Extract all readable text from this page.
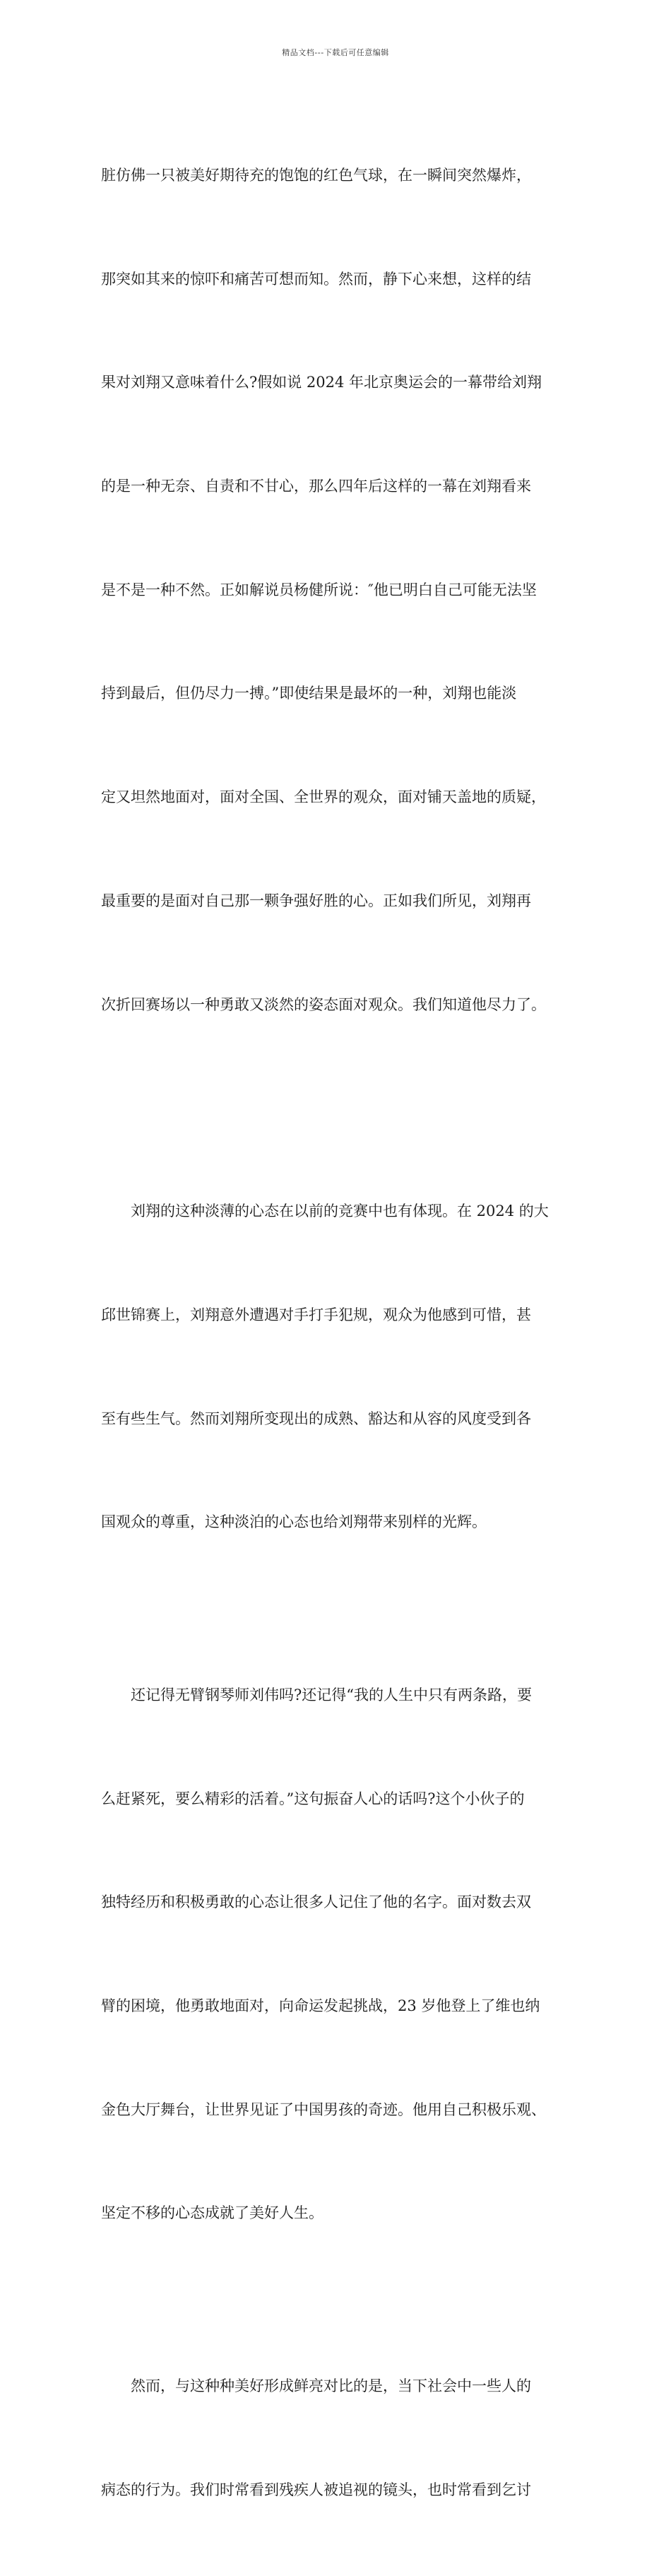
精品文档---下载后可任意编辑

脏仿佛一只被美好期待充的饱饱的红色气球，在一瞬间突然爆炸，

那突如其来的惊吓和痛苦可想而知。然而，静下心来想，这样的结

果对刘翔又意味着什么?假如说 2024 年北京奥运会的一幕带给刘翔

的是一种无奈、自责和不甘心，那么四年后这样的一幕在刘翔看来

是不是一种不然。正如解说员杨健所说：″他已明白自己可能无法坚

持到最后，但仍尽力一搏。”即使结果是最坏的一种，刘翔也能淡

定又坦然地面对，面对全国、全世界的观众，面对铺天盖地的质疑，

最重要的是面对自己那一颗争强好胜的心。正如我们所见，刘翔再

次折回赛场以一种勇敢又淡然的姿态面对观众。我们知道他尽力了。

　　刘翔的这种淡薄的心态在以前的竞赛中也有体现。在 2024 的大

邱世锦赛上，刘翔意外遭遇对手打手犯规，观众为他感到可惜，甚

至有些生气。然而刘翔所变现出的成熟、豁达和从容的风度受到各

国观众的尊重，这种淡泊的心态也给刘翔带来别样的光辉。

　　还记得无臂钢琴师刘伟吗?还记得“我的人生中只有两条路，要

么赶紧死，要么精彩的活着。”这句振奋人心的话吗?这个小伙子的

独特经历和积极勇敢的心态让很多人记住了他的名字。面对数去双

臂的困境，他勇敢地面对，向命运发起挑战，23 岁他登上了维也纳

金色大厅舞台，让世界见证了中国男孩的奇迹。他用自己积极乐观、

坚定不移的心态成就了美好人生。

　　然而，与这种种美好形成鲜亮对比的是，当下社会中一些人的

病态的行为。我们时常看到残疾人被追视的镜头，也时常看到乞讨
